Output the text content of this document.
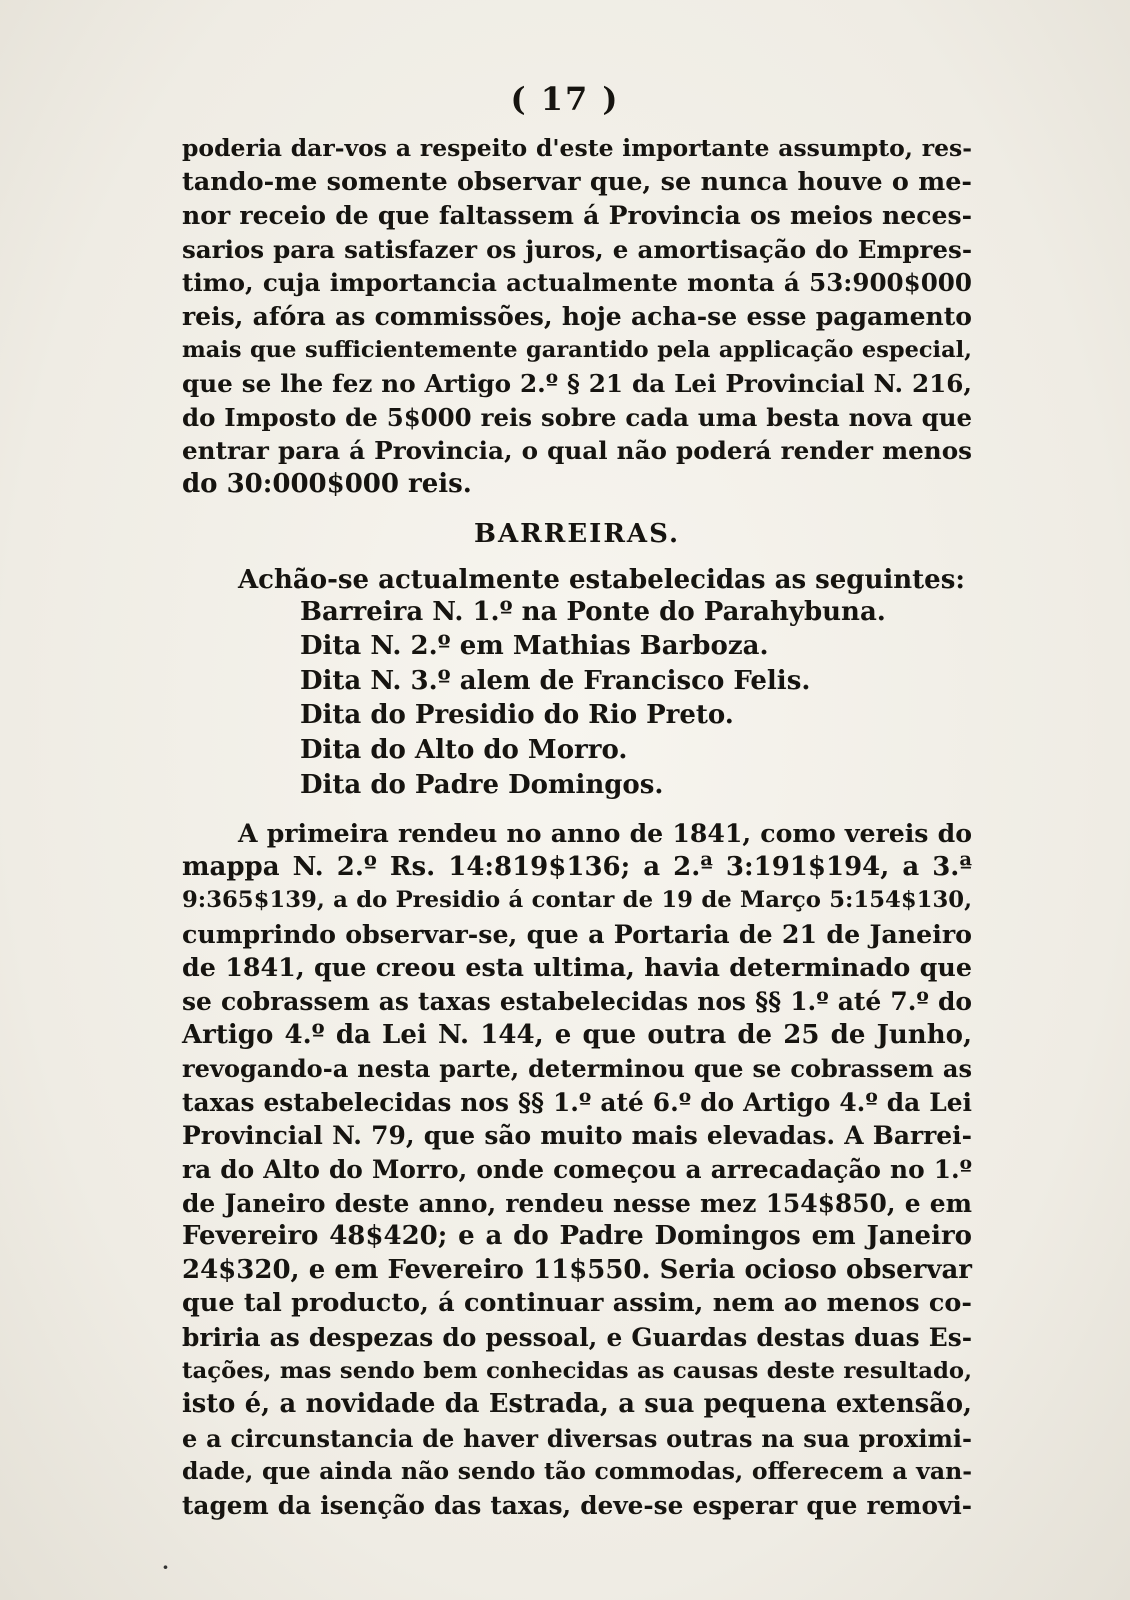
( 17 )
poderia dar-vos a respeito d'este importante assumpto, res-
tando-me somente observar que, se nunca houve o me-
nor receio de que faltassem á Provincia os meios neces-
sarios para satisfazer os juros, e amortisação do Empres-
timo, cuja importancia actualmente monta á 53:900$000
reis, afóra as commissões, hoje acha-se esse pagamento
mais que sufficientemente garantido pela applicação especial,
que se lhe fez no Artigo 2.º § 21 da Lei Provincial N. 216,
do Imposto de 5$000 reis sobre cada uma besta nova que
entrar para á Provincia, o qual não poderá render menos
do 30:000$000 reis.
BARREIRAS.
Achão-se actualmente estabelecidas as seguintes:
Barreira N. 1.º na Ponte do Parahybuna.
Dita N. 2.º em Mathias Barboza.
Dita N. 3.º alem de Francisco Felis.
Dita do Presidio do Rio Preto.
Dita do Alto do Morro.
Dita do Padre Domingos.
A primeira rendeu no anno de 1841, como vereis do
mappa N. 2.º Rs. 14:819$136; a 2.ª 3:191$194, a 3.ª
9:365$139, a do Presidio á contar de 19 de Março 5:154$130,
cumprindo observar-se, que a Portaria de 21 de Janeiro
de 1841, que creou esta ultima, havia determinado que
se cobrassem as taxas estabelecidas nos §§ 1.º até 7.º do
Artigo 4.º da Lei N. 144, e que outra de 25 de Junho,
revogando-a nesta parte, determinou que se cobrassem as
taxas estabelecidas nos §§ 1.º até 6.º do Artigo 4.º da Lei
Provincial N. 79, que são muito mais elevadas. A Barrei-
ra do Alto do Morro, onde começou a arrecadação no 1.º
de Janeiro deste anno, rendeu nesse mez 154$850, e em
Fevereiro 48$420; e a do Padre Domingos em Janeiro
24$320, e em Fevereiro 11$550. Seria ocioso observar
que tal producto, á continuar assim, nem ao menos co-
briria as despezas do pessoal, e Guardas destas duas Es-
tações, mas sendo bem conhecidas as causas deste resultado,
isto é, a novidade da Estrada, a sua pequena extensão,
e a circunstancia de haver diversas outras na sua proximi-
dade, que ainda não sendo tão commodas, offerecem a van-
tagem da isenção das taxas, deve-se esperar que removi-
·
